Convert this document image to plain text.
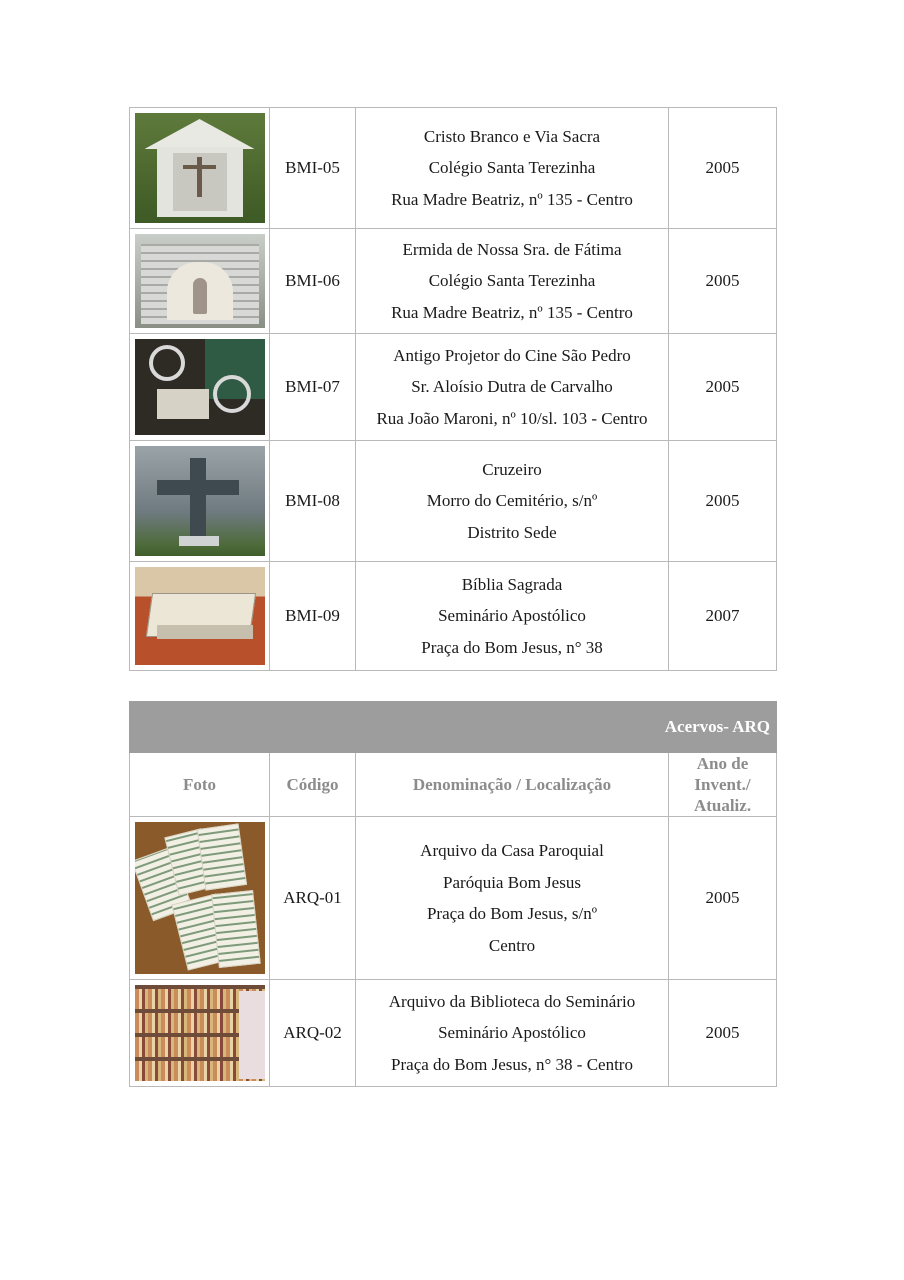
	BMI-05	Cristo Branco e Via Sacra
Colégio Santa Terezinha
Rua Madre Beatriz, nº 135 - Centro	2005

	BMI-06	Ermida de Nossa Sra. de Fátima
Colégio Santa Terezinha
Rua Madre Beatriz, nº 135 - Centro	2005

	BMI-07	Antigo Projetor do Cine São Pedro
Sr. Aloísio Dutra de Carvalho
Rua João Maroni, nº 10/sl. 103 - Centro	2005

	BMI-08	Cruzeiro
Morro do Cemitério, s/nº
Distrito Sede	2005

	BMI-09	Bíblia Sagrada
Seminário Apostólico
Praça do Bom Jesus, n° 38	2007
Acervos- ARQ			
Foto	Código	Denominação / Localização	Ano de
Invent./
Atualiz.

	ARQ-01	Arquivo da Casa Paroquial
Paróquia Bom Jesus
Praça do Bom Jesus, s/nº
Centro	2005

	ARQ-02	Arquivo da Biblioteca do Seminário
Seminário Apostólico
Praça do Bom Jesus, n° 38 - Centro	2005
